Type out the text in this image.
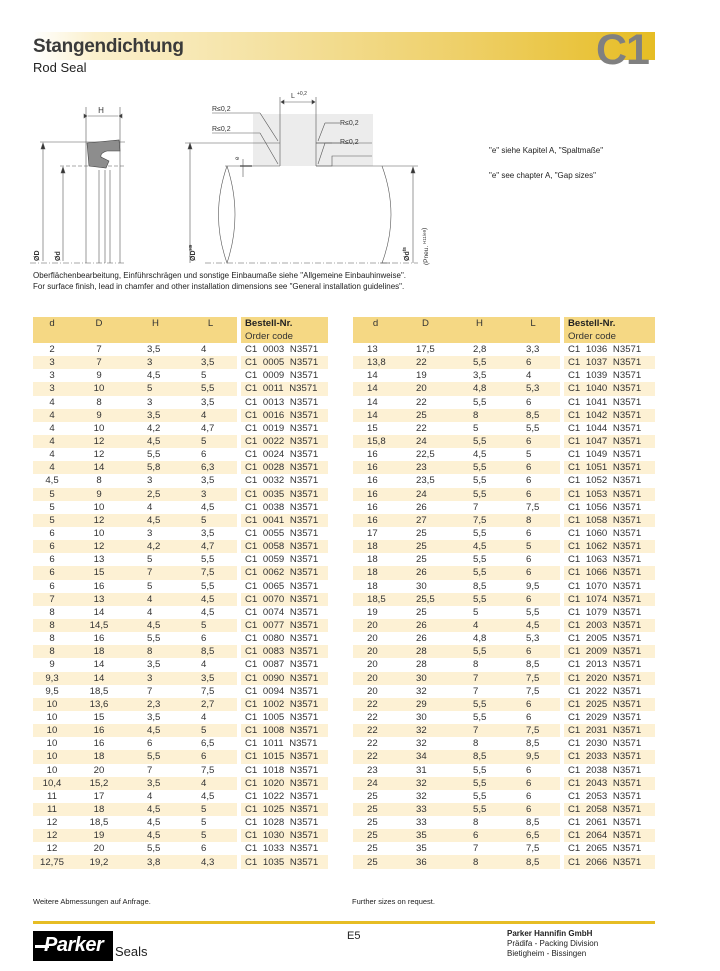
Stangendichtung
Rod Seal	C1
H
ØD Ød
L +0,2
R≤0,2
R≤0,2
R≤0,2
R≤0,2
e
$ØD^{H9}$
$Ød^{f8}$	(Pneu. $^{H11/e9}$)
"e" siehe Kapitel A, "Spaltmaße"
"e" see chapter A, "Gap sizes"
Oberflächenbearbeitung, Einführschrägen und sonstige Einbaumaße siehe "Allgemeine Einbauhinweise".
For surface finish, lead in chamfer and other installation dimensions see "General installation guidelines".
d	D	H	L	Bestell-Nr.
Order code
2	7	3,5	4	C1 0003 N3571
3	7	3	3,5	C1 0005 N3571
3	9	4,5	5	C1 0009 N3571
3	10	5	5,5	C1 0011 N3571
4	8	3	3,5	C1 0013 N3571
4	9	3,5	4	C1 0016 N3571
4	10	4,2	4,7	C1 0019 N3571
4	12	4,5	5	C1 0022 N3571
4	12	5,5	6	C1 0024 N3571
4	14	5,8	6,3	C1 0028 N3571
4,5	8	3	3,5	C1 0032 N3571
5	9	2,5	3	C1 0035 N3571
5	10	4	4,5	C1 0038 N3571
5	12	4,5	5	C1 0041 N3571
6	10	3	3,5	C1 0055 N3571
6	12	4,2	4,7	C1 0058 N3571
6	13	5	5,5	C1 0059 N3571
6	15	7	7,5	C1 0062 N3571
6	16	5	5,5	C1 0065 N3571
7	13	4	4,5	C1 0070 N3571
8	14	4	4,5	C1 0074 N3571
8	14,5	4,5	5	C1 0077 N3571
8	16	5,5	6	C1 0080 N3571
8	18	8	8,5	C1 0083 N3571
9	14	3,5	4	C1 0087 N3571
9,3	14	3	3,5	C1 0090 N3571
9,5	18,5	7	7,5	C1 0094 N3571
10	13,6	2,3	2,7	C1 1002 N3571
10	15	3,5	4	C1 1005 N3571
10	16	4,5	5	C1 1008 N3571
10	16	6	6,5	C1 1011 N3571
10	18	5,5	6	C1 1015 N3571
10	20	7	7,5	C1 1018 N3571
10,4	15,2	3,5	4	C1 1020 N3571
11	17	4	4,5	C1 1022 N3571
11	18	4,5	5	C1 1025 N3571
12	18,5	4,5	5	C1 1028 N3571
12	19	4,5	5	C1 1030 N3571
12	20	5,5	6	C1 1033 N3571
12,75	19,2	3,8	4,3	C1 1035 N3571
d	D	H	L	Bestell-Nr.
Order code
13	17,5	2,8	3,3	C1 1036 N3571
13,8	22	5,5	6	C1 1037 N3571
14	19	3,5	4	C1 1039 N3571
14	20	4,8	5,3	C1 1040 N3571
14	22	5,5	6	C1 1041 N3571
14	25	8	8,5	C1 1042 N3571
15	22	5	5,5	C1 1044 N3571
15,8	24	5,5	6	C1 1047 N3571
16	22,5	4,5	5	C1 1049 N3571
16	23	5,5	6	C1 1051 N3571
16	23,5	5,5	6	C1 1052 N3571
16	24	5,5	6	C1 1053 N3571
16	26	7	7,5	C1 1056 N3571
16	27	7,5	8	C1 1058 N3571
17	25	5,5	6	C1 1060 N3571
18	25	4,5	5	C1 1062 N3571
18	25	5,5	6	C1 1063 N3571
18	26	5,5	6	C1 1066 N3571
18	30	8,5	9,5	C1 1070 N3571
18,5	25,5	5,5	6	C1 1074 N3571
19	25	5	5,5	C1 1079 N3571
20	26	4	4,5	C1 2003 N3571
20	26	4,8	5,3	C1 2005 N3571
20	28	5,5	6	C1 2009 N3571
20	28	8	8,5	C1 2013 N3571
20	30	7	7,5	C1 2020 N3571
20	32	7	7,5	C1 2022 N3571
22	29	5,5	6	C1 2025 N3571
22	30	5,5	6	C1 2029 N3571
22	32	7	7,5	C1 2031 N3571
22	32	8	8,5	C1 2030 N3571
22	34	8,5	9,5	C1 2033 N3571
23	31	5,5	6	C1 2038 N3571
24	32	5,5	6	C1 2043 N3571
25	32	5,5	6	C1 2053 N3571
25	33	5,5	6	C1 2058 N3571
25	33	8	8,5	C1 2061 N3571
25	35	6	6,5	C1 2064 N3571
25	35	7	7,5	C1 2065 N3571
25	36	8	8,5	C1 2066 N3571
Weitere Abmessungen auf Anfrage.	Further sizes on request.
Parker Seals
E5	Parker Hannifin GmbH
Prädifa - Packing Division
Bietigheim - Bissingen
